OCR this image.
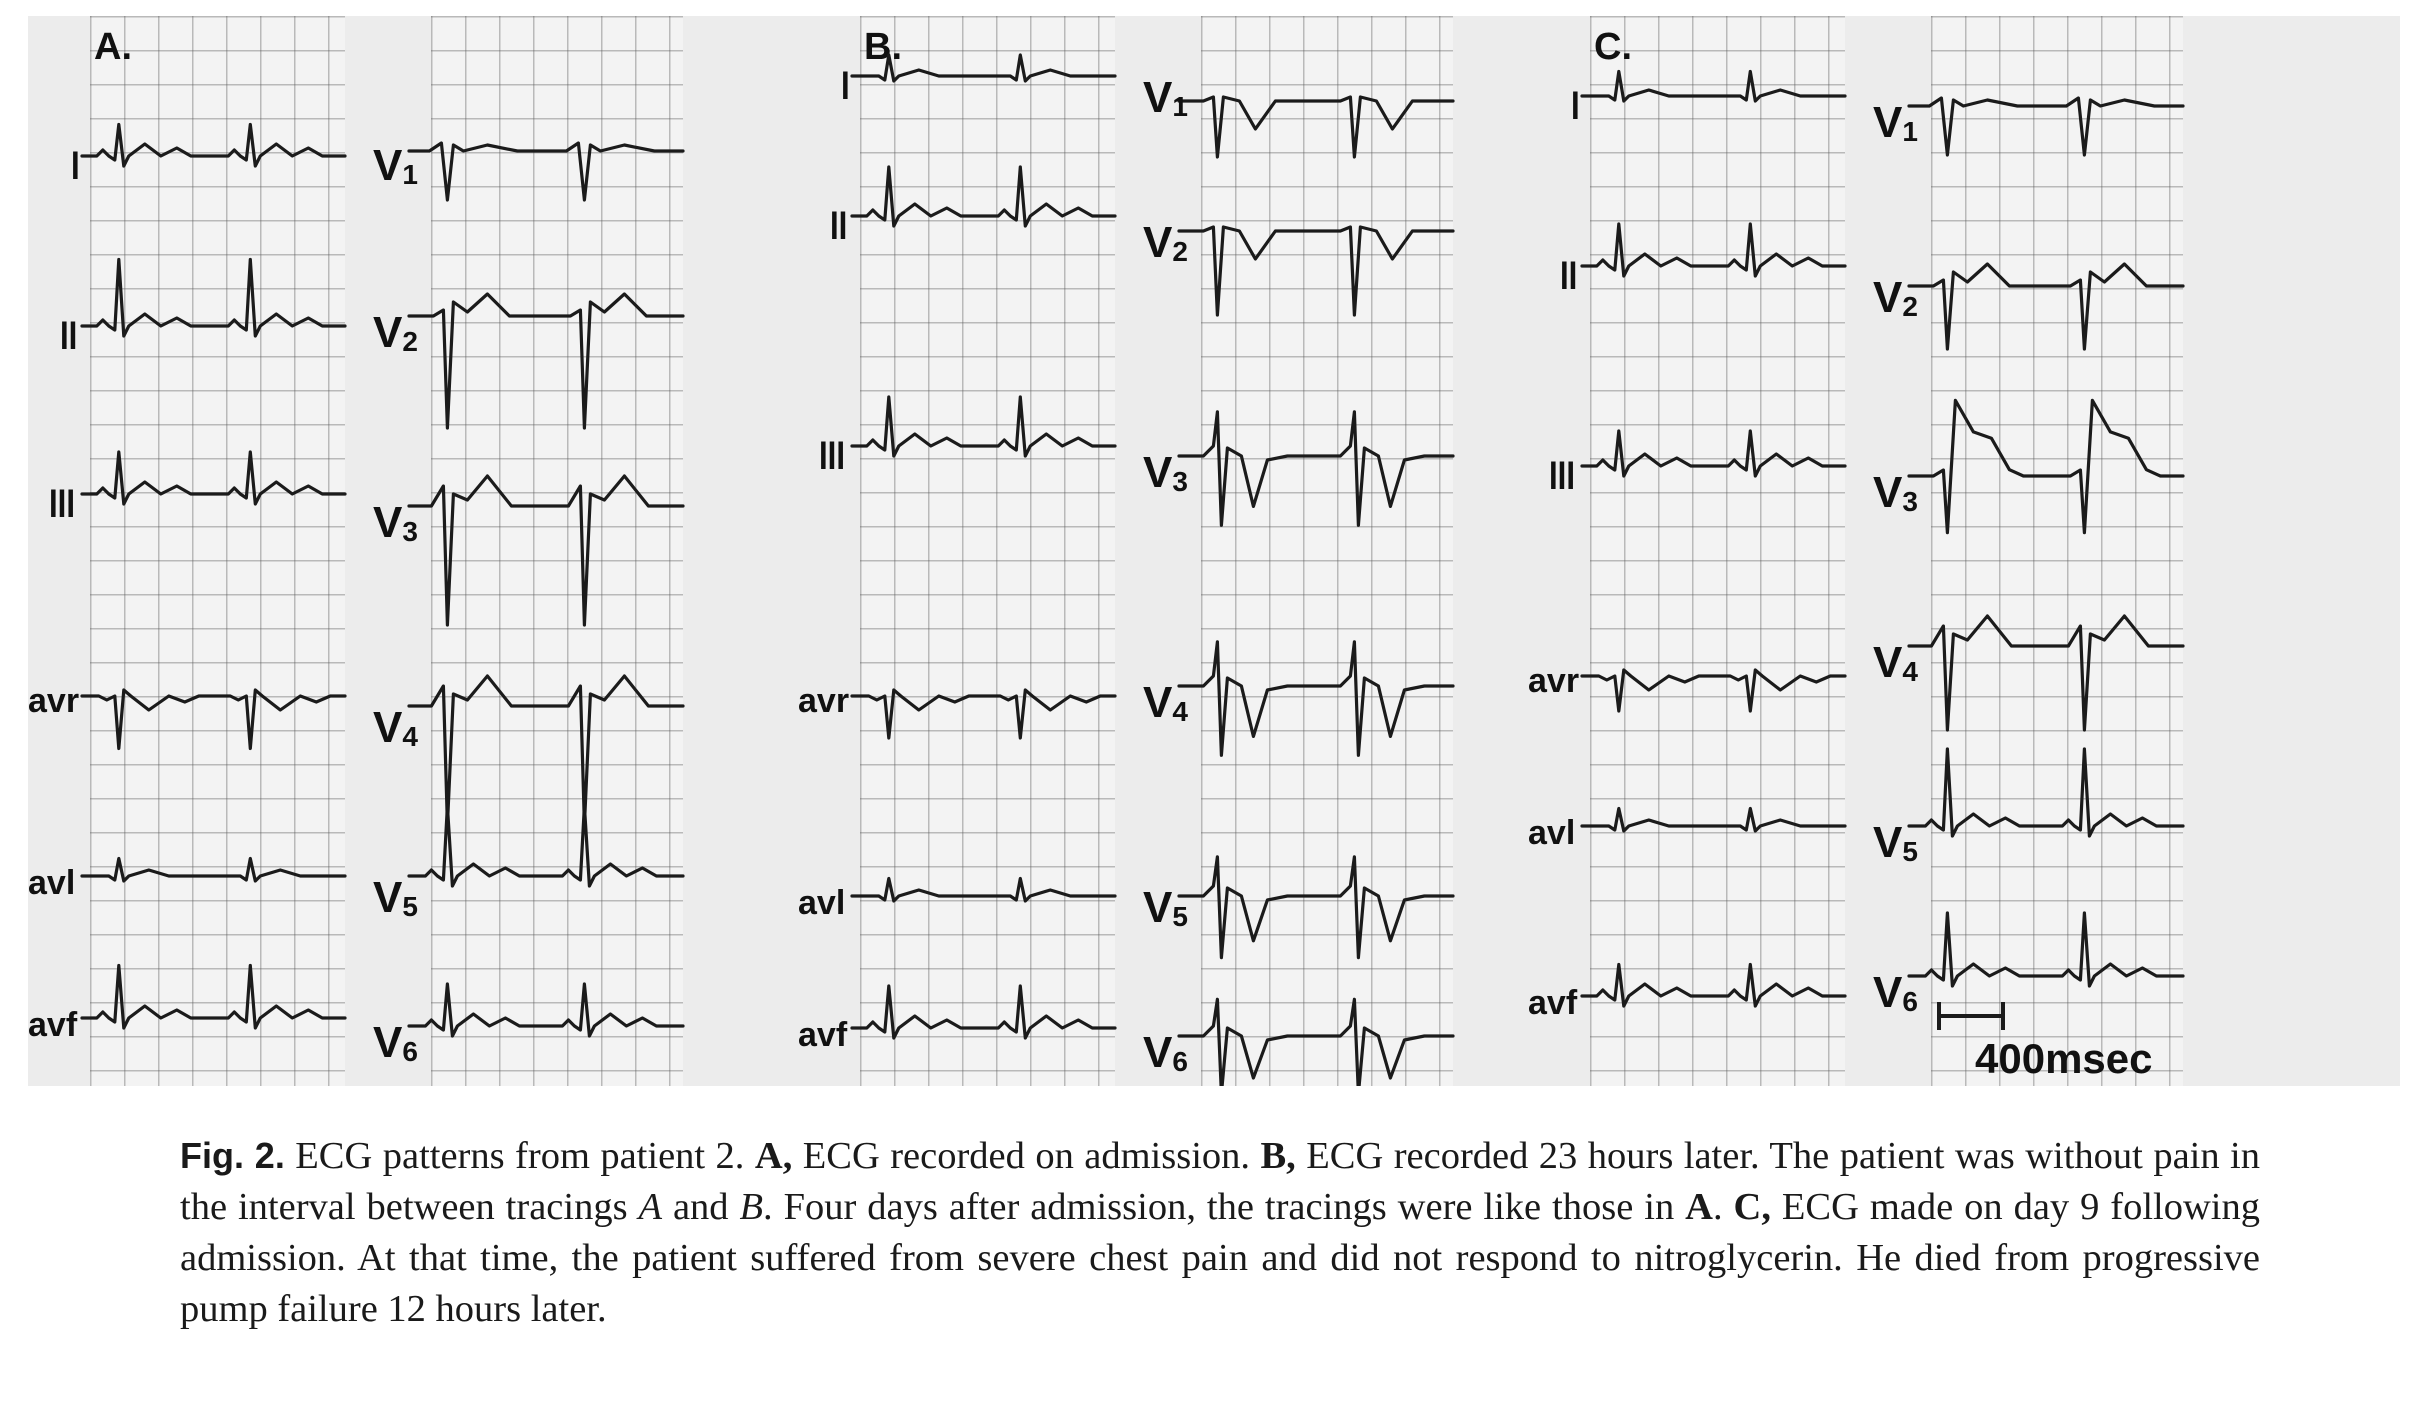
A.
I
II
III
avr
avl
avf
$V_1$
$V_2$
$V_3$
$V_4$
$V_5$
$V_6$
B.
I
II
III
avr
avl
avf
$V_1$
$V_2$
$V_3$
$V_4$
$V_5$
$V_6$
C.
I
II
III
avr
avl
avf
$V_1$
$V_2$
$V_3$
$V_4$
$V_5$
$V_6$
400msec
Fig. 2. ECG patterns from patient 2. A, ECG recorded on admission. B, ECG recorded 23 hours later. The patient was without pain in the interval between tracings A and B. Four days after admission, the tracings were like those in A. C, ECG made on day 9 following admission. At that time, the patient suffered from severe chest pain and did not respond to nitroglycerin. He died from progressive pump failure 12 hours later.
